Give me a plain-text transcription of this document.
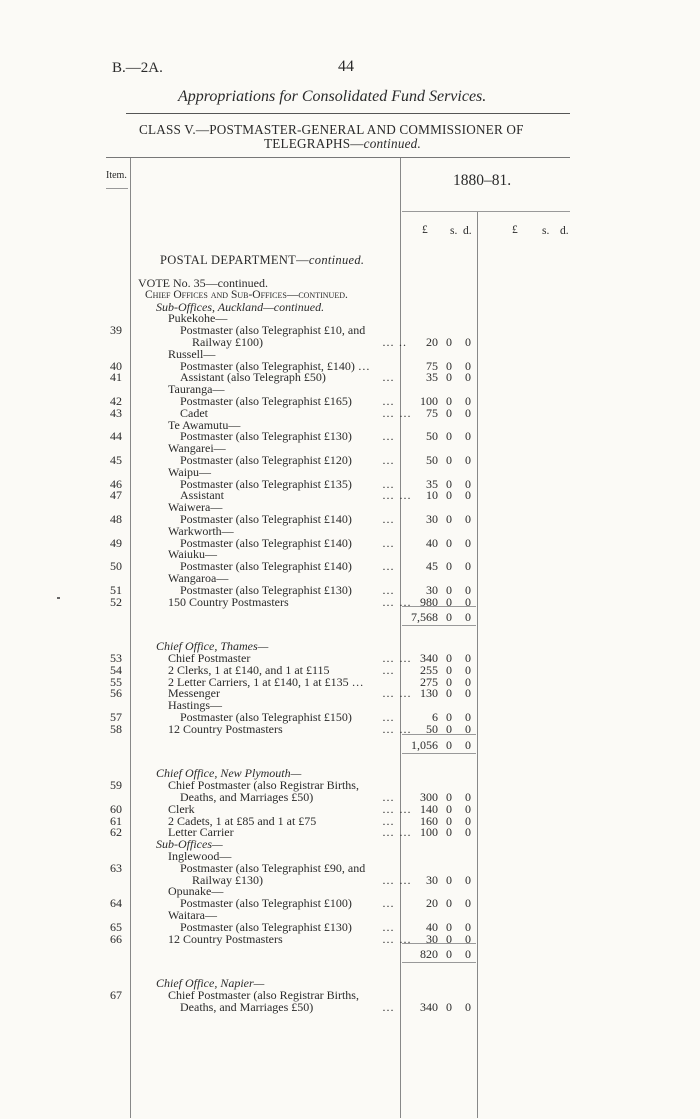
B.—2A.	44
Appropriations for Consolidated Fund Services.
CLASS V.—POSTMASTER-GENERAL AND COMMISSIONER OF
TELEGRAPHS—continued.
Item.	1880–81.
£ s. d.	£ s. d.
POSTAL DEPARTMENT—continued.
VOTE No. 35—continued.
Chief Offices and Sub-Offices—continued.
Sub-Offices, Auckland—continued.
Pukekohe—
39	Postmaster (also Telegraphist £10, and
Railway £100)	… ..	20 0	0
Russell—
40	Postmaster (also Telegraphist, £140) …	75 0	0
41	Assistant (also Telegraph £50)	…	35 0	0
Tauranga—
42	Postmaster (also Telegraphist £165)	…	100 0	0
43	Cadet	… …	75 0	0
Te Awamutu—
44	Postmaster (also Telegraphist £130)	…	50 0	0
Wangarei—
45	Postmaster (also Telegraphist £120)	…	50 0	0
Waipu—
46	Postmaster (also Telegraphist £135)	…	35 0	0
47	Assistant	… …	10 0	0
Waiwera—
48	Postmaster (also Telegraphist £140)	…	30 0	0
Warkworth—
49	Postmaster (also Telegraphist £140)	…	40 0	0
Waiuku—
50	Postmaster (also Telegraphist £140)	…	45 0	0
Wangaroa—
51	Postmaster (also Telegraphist £130)	…	30 0	0
52	150 Country Postmasters	… … 980 0	0
7,568 0	0
Chief Office, Thames—
53	Chief Postmaster	… … 340 0	0
54	2 Clerks, 1 at £140, and 1 at £115	…	255 0	0
55	2 Letter Carriers, 1 at £140, 1 at £135 …	275 0	0
56	Messenger	… … 130 0	0
Hastings—
57	Postmaster (also Telegraphist £150)	…	6 0	0
58	12 Country Postmasters	… …	50 0	0
1,056 0	0
Chief Office, New Plymouth—
59	Chief Postmaster (also Registrar Births,
Deaths, and Marriages £50)	…	300 0	0
60	Clerk	… … 140 0	0
61	2 Cadets, 1 at £85 and 1 at £75	…	160 0	0
62	Letter Carrier	… … 100 0	0
Sub-Offices—
Inglewood—
63	Postmaster (also Telegraphist £90, and
Railway £130)	… …	30 0	0
Opunake—
64	Postmaster (also Telegraphist £100)	…	20 0	0
Waitara—
65	Postmaster (also Telegraphist £130)	…	40 0	0
66	12 Country Postmasters	… …	30 0	0
820 0	0
Chief Office, Napier—
67	Chief Postmaster (also Registrar Births,
Deaths, and Marriages £50)	…	340 0	0
